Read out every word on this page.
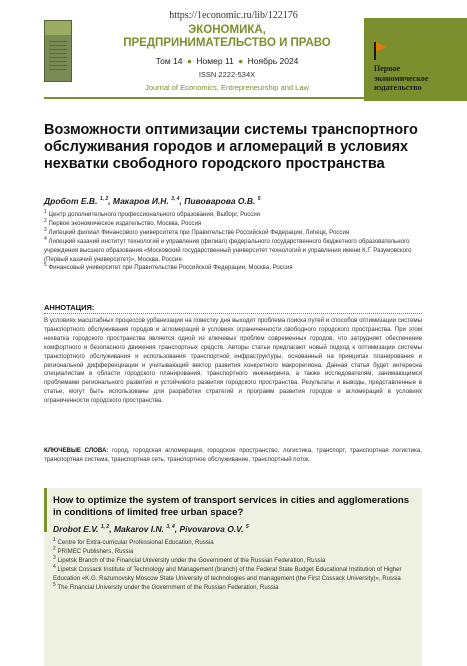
https://1economic.ru/lib/122176
ЭКОНОМИКА,
ПРЕДПРИНИМАТЕЛЬСТВО И ПРАВО
Том 14 ● Номер 11 ● Ноябрь 2024
ISSN 2222-534X
Journal of Economics, Entrepreneurship and Law
Первое
экономическое
издательство
Возможности оптимизации системы транспортного обслуживания городов и агломераций в условиях нехватки свободного городского пространства
Дробот Е.В. $^{1, 2}$, Макаров И.Н. $^{3, 4}$, Пивоварова О.В. $^5$
$^1$ Центр дополнительного профессионального образования, Выборг, Россия
$^2$ Первое экономическое издательство, Москва, Россия
$^3$ Липецкий филиал Финансового университета при Правительстве Российской Федерации, Липецк, Россия
$^4$ Липецкий казачий институт технологий и управления (филиал) федерального государственного бюджетного образовательного учреждения высшего образования «Московский государственный университет технологий и управления имени К.Г. Разумовского (Первый казачий университет)», Москва, Россия
$^5$ Финансовый университет при Правительстве Российской Федерации, Москва, Россия
АННОТАЦИЯ:
В условиях масштабных процессов урбанизации на повестку дня выходит проблема поиска путей и способов оптимизации системы транспортного обслуживания городов и агломераций в условиях ограниченности свободного городского пространства. При этом нехватка городского пространства является одной из ключевых проблем современных городов, что затрудняет обеспечение комфортного и безопасного движения транспортных средств. Авторы статьи предлагают новый подход к оптимизации системы транспортного обслуживания и использования транспортной инфраструктуры, основанный на принципах планирования и региональной дифференциации и учитывающий вектор развития конкретного макрорегиона. Данная статья будет интересна специалистам в области городского планирования, транспортного инжиниринга, а также исследователям, занимающимся проблемами регионального развития и устойчивого развития городского пространства. Результаты и выводы, представленные в статье, могут быть использованы для разработки стратегий и программ развития городов и агломераций в условиях ограниченности городского пространства.
КЛЮЧЕВЫЕ СЛОВА: город, городская агломерация, городское пространство, логистика, транспорт, транспортная логистика, транспортная система, транспортная сеть, транспортное обслуживание, транспортный поток.
How to optimize the system of transport services in cities and agglomerations in conditions of limited free urban space?
Drobot E.V. $^{1, 2}$, Makarov I.N. $^{3, 4}$, Pivovarova O.V. $^5$
$^1$ Centre for Extra-curricular Professional Education, Russia
$^2$ PRIMEC Publishers, Russia
$^3$ Lipetsk Branch of the Financial University under the Government of the Russian Federation, Russia
$^4$ Lipetsk Cossack Institute of Technology and Management (branch) of the Federal State Budget Educational Institution of Higher Education «K.G. Razumovsky Moscow State University of technologies and management (the First Cossack University)», Russia
$^5$ The Financial University under the Government of the Russian Federation, Russia
